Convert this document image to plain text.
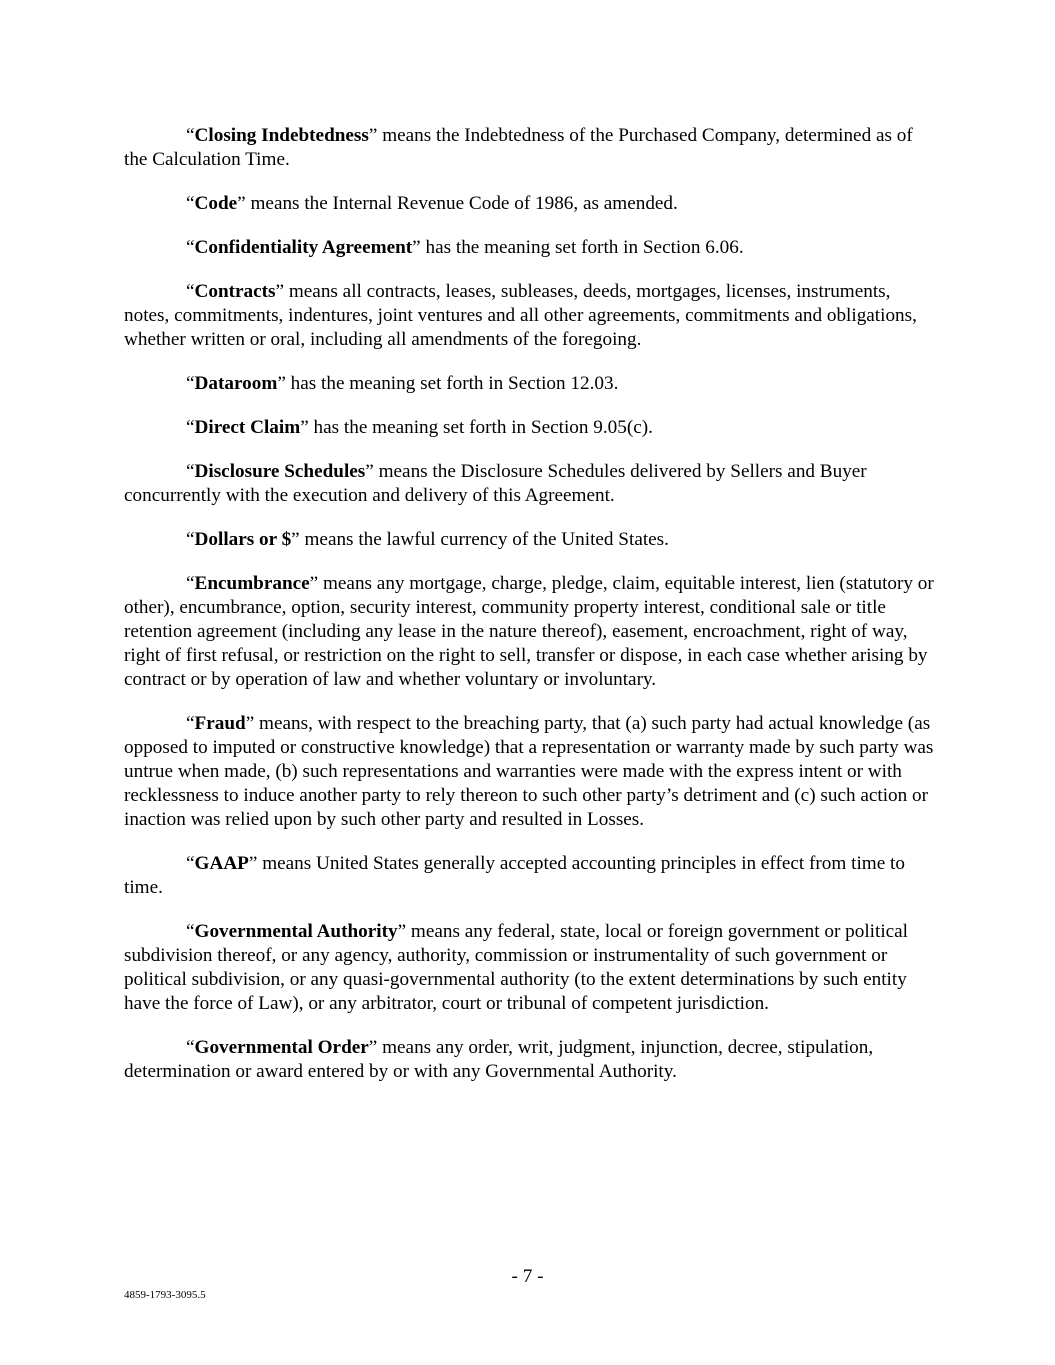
“Closing Indebtedness” means the Indebtedness of the Purchased Company, determined as of the Calculation Time.

“Code” means the Internal Revenue Code of 1986, as amended.

“Confidentiality Agreement” has the meaning set forth in Section 6.06.

“Contracts” means all contracts, leases, subleases, deeds, mortgages, licenses, instruments, notes, commitments, indentures, joint ventures and all other agreements, commitments and obligations, whether written or oral, including all amendments of the foregoing.

“Dataroom” has the meaning set forth in Section 12.03.

“Direct Claim” has the meaning set forth in Section 9.05(c).

“Disclosure Schedules” means the Disclosure Schedules delivered by Sellers and Buyer concurrently with the execution and delivery of this Agreement.

“Dollars or $” means the lawful currency of the United States.

“Encumbrance” means any mortgage, charge, pledge, claim, equitable interest, lien (statutory or other), encumbrance, option, security interest, community property interest, conditional sale or title retention agreement (including any lease in the nature thereof), easement, encroachment, right of way, right of first refusal, or restriction on the right to sell, transfer or dispose, in each case whether arising by contract or by operation of law and whether voluntary or involuntary.

“Fraud” means, with respect to the breaching party, that (a) such party had actual knowledge (as opposed to imputed or constructive knowledge) that a representation or warranty made by such party was untrue when made, (b) such representations and warranties were made with the express intent or with recklessness to induce another party to rely thereon to such other party’s detriment and (c) such action or inaction was relied upon by such other party and resulted in Losses.

“GAAP” means United States generally accepted accounting principles in effect from time to time.

“Governmental Authority” means any federal, state, local or foreign government or political subdivision thereof, or any agency, authority, commission or instrumentality of such government or political subdivision, or any quasi-governmental authority (to the extent determinations by such entity have the force of Law), or any arbitrator, court or tribunal of competent jurisdiction.

“Governmental Order” means any order, writ, judgment, injunction, decree, stipulation, determination or award entered by or with any Governmental Authority.

- 7 -
4859-1793-3095.5
